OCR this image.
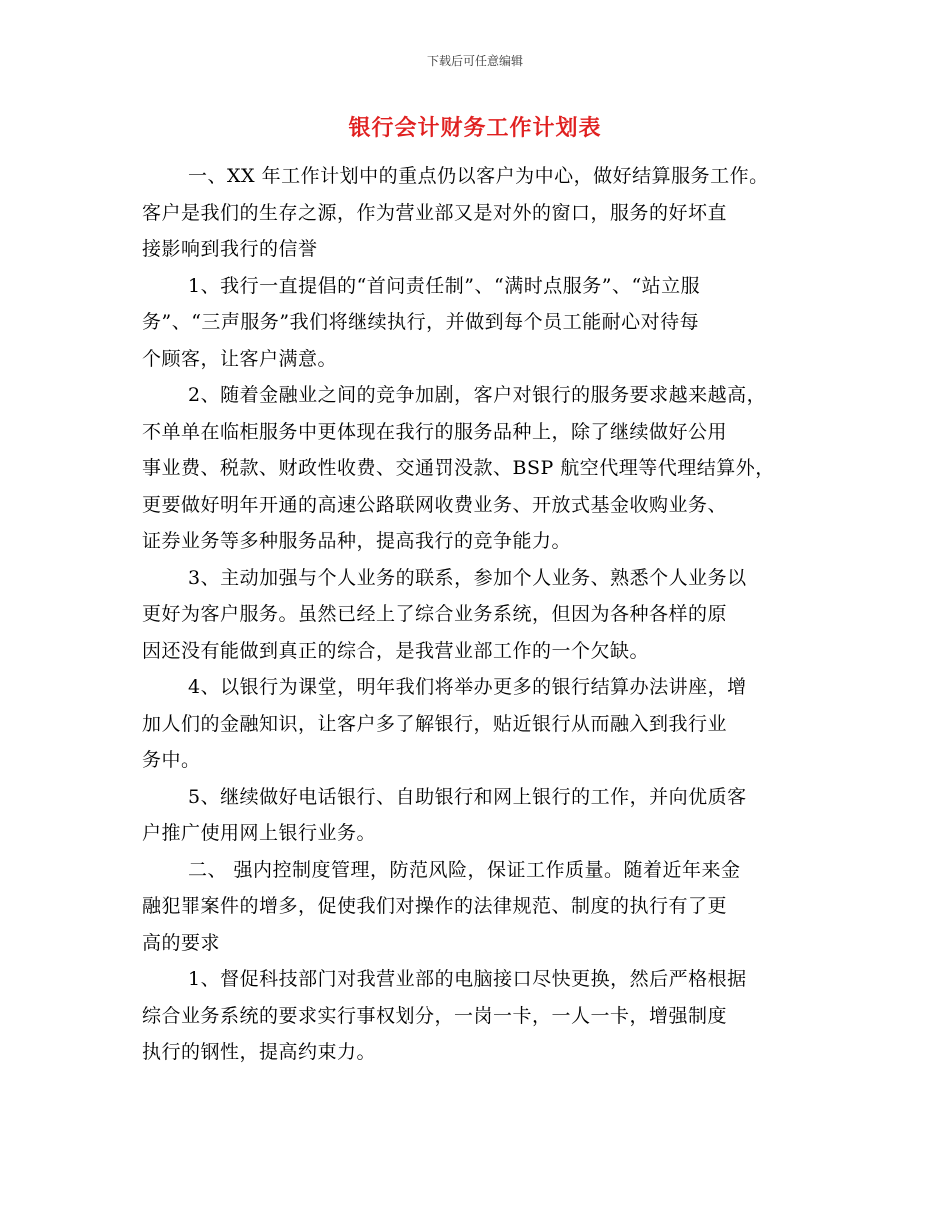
下载后可任意编辑
银行会计财务工作计划表

一、XX 年工作计划中的重点仍以客户为中心，做好结算服务工作。
客户是我们的生存之源，作为营业部又是对外的窗口，服务的好坏直
接影响到我行的信誉

1、我行一直提倡的“首问责任制”、“满时点服务”、“站立服
务”、“三声服务”我们将继续执行，并做到每个员工能耐心对待每
个顾客，让客户满意。

2、随着金融业之间的竞争加剧，客户对银行的服务要求越来越高，
不单单在临柜服务中更体现在我行的服务品种上，除了继续做好公用
事业费、税款、财政性收费、交通罚没款、BSP 航空代理等代理结算外，
更要做好明年开通的高速公路联网收费业务、开放式基金收购业务、
证券业务等多种服务品种，提高我行的竞争能力。

3、主动加强与个人业务的联系，参加个人业务、熟悉个人业务以
更好为客户服务。虽然已经上了综合业务系统，但因为各种各样的原
因还没有能做到真正的综合，是我营业部工作的一个欠缺。

4、以银行为课堂，明年我们将举办更多的银行结算办法讲座，增
加人们的金融知识，让客户多了解银行，贴近银行从而融入到我行业
务中。

5、继续做好电话银行、自助银行和网上银行的工作，并向优质客
户推广使用网上银行业务。

二、 强内控制度管理，防范风险，保证工作质量。随着近年来金
融犯罪案件的增多，促使我们对操作的法律规范、制度的执行有了更
高的要求

1、督促科技部门对我营业部的电脑接口尽快更换，然后严格根据
综合业务系统的要求实行事权划分，一岗一卡，一人一卡，增强制度
执行的钢性，提高约束力。
